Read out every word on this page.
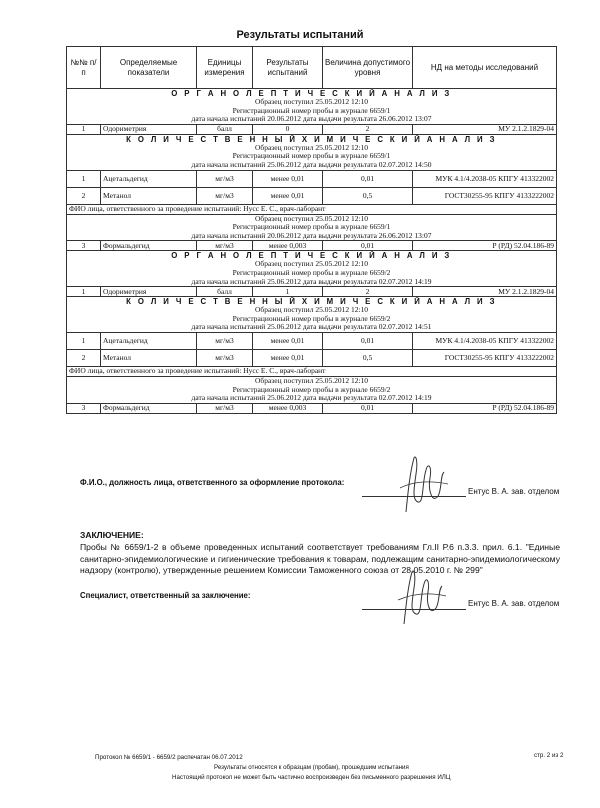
Результаты испытаний
№№ п/п	Определяемые показатели	Единицы измерения	Результаты испытаний	Величина допустимого уровня	НД на методы исследований

О Р Г А Н О Л Е П Т И Ч Е С К И Й А Н А Л И З
Образец поступил 25.05.2012 12:10
Регистрационный номер пробы в журнале 6659/1
дата начала испытаний 20.06.2012 дата выдачи результата 26.06.2012 13:07					

1	Одориметрия	балл	0	2	МУ 2.1.2.1829-04

К О Л И Ч Е С Т В Е Н Н Ы Й Х И М И Ч Е С К И Й А Н А Л И З
Образец поступил 25.05.2012 12:10
Регистрационный номер пробы в журнале 6659/1
дата начала испытаний 25.06.2012 дата выдачи результата 02.07.2012 14:50					

1	Ацетальдегид	мг/м3	менее 0,01	0,01	МУК 4.1/4.2038-05 КПГУ 413322002
2	Метанол	мг/м3	менее 0,01	0,5	ГОСТ30255-95 КПГУ 4133222002
ФИО лица, ответственного за проведение испытаний: Нусс Е. С., врач-лаборант					

Образец поступил 25.05.2012 12:10
Регистрационный номер пробы в журнале 6659/1
дата начала испытаний 20.06.2012 дата выдачи результата 26.06.2012 13:07					

3	Формальдегид	мг/м3	менее 0,003	0,01	Р (РД) 52.04.186-89

О Р Г А Н О Л Е П Т И Ч Е С К И Й А Н А Л И З
Образец поступил 25.05.2012 12:10
Регистрационный номер пробы в журнале 6659/2
дата начала испытаний 25.06.2012 дата выдачи результата 02.07.2012 14:19					

1	Одориметрия	балл	1	2	МУ 2.1.2.1829-04

К О Л И Ч Е С Т В Е Н Н Ы Й Х И М И Ч Е С К И Й А Н А Л И З
Образец поступил 25.05.2012 12:10
Регистрационный номер пробы в журнале 6659/2
дата начала испытаний 25.06.2012 дата выдачи результата 02.07.2012 14:51					

1	Ацетальдегид	мг/м3	менее 0,01	0,01	МУК 4.1/4.2038-05 КПГУ 413322002
2	Метанол	мг/м3	менее 0,01	0,5	ГОСТ30255-95 КПГУ 4133222002
ФИО лица, ответственного за проведение испытаний: Нусс Е. С., врач-лаборант					

Образец поступил 25.05.2012 12:10
Регистрационный номер пробы в журнале 6659/2
дата начала испытаний 25.06.2012 дата выдачи результата 02.07.2012 14:19					

3	Формальдегид	мг/м3	менее 0,003	0,01	Р (РД) 52.04.186-89
Ф.И.О., должность лица, ответственного за оформление протокола:
Ентус В. А. зав. отделом
ЗАКЛЮЧЕНИЕ:
Пробы № 6659/1-2 в объеме проведенных испытаний соответствует требованиям Гл.II Р.6 п.3.3. прил. 6.1. "Единые санитарно-эпидемиологические и гигиенические требования к товарам, подлежащим санитарно-эпидемиологическому надзору (контролю), утвержденные решением Комиссии Таможенного союза от 28.05.2010 г. № 299"
Специалист, ответственный за заключение:
Ентус В. А. зав. отделом
Протокол № 6659/1 - 6659/2 распечатан 06.07.2012	стр. 2 из 2
Результаты относятся к образцам (пробам), прошедшим испытания
Настоящий протокол не может быть частично воспроизведен без письменного разрешения ИЛЦ
